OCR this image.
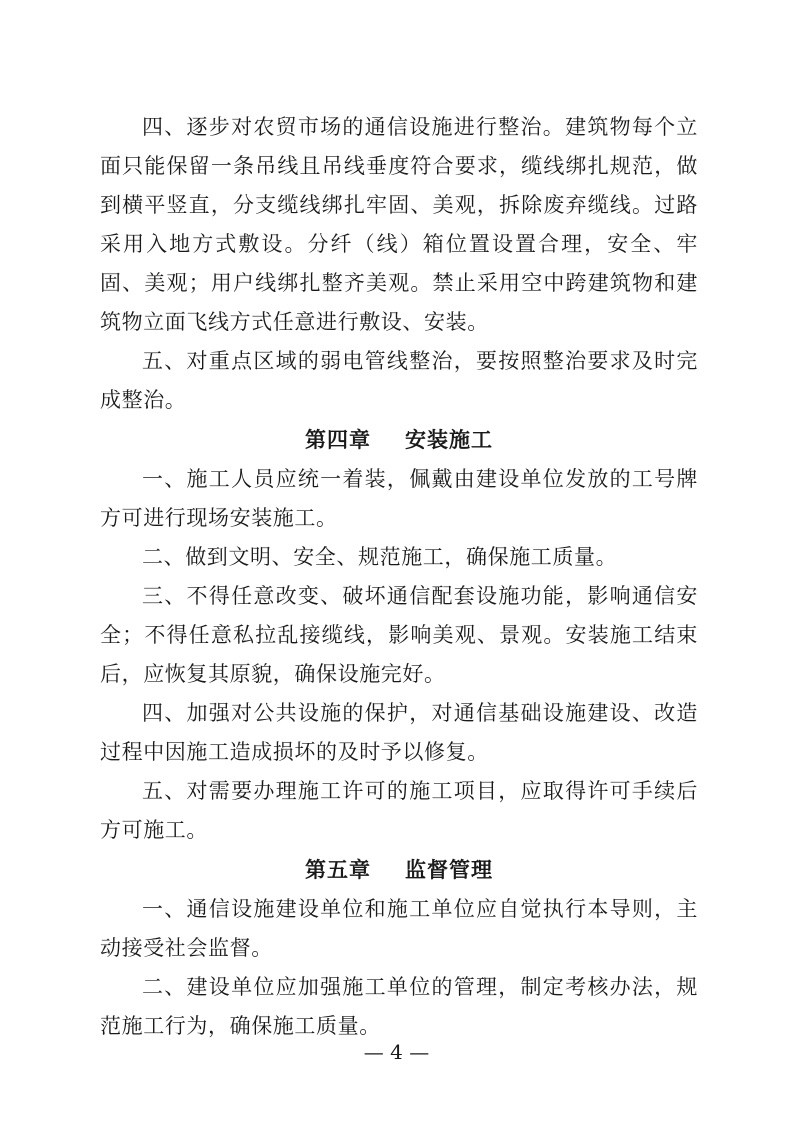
四、逐步对农贸市场的通信设施进行整治。建筑物每个立面只能保留一条吊线且吊线垂度符合要求，缆线绑扎规范，做到横平竖直，分支缆线绑扎牢固、美观，拆除废弃缆线。过路采用入地方式敷设。分纤（线）箱位置设置合理，安全、牢固、美观；用户线绑扎整齐美观。禁止采用空中跨建筑物和建筑物立面飞线方式任意进行敷设、安装。

五、对重点区域的弱电管线整治，要按照整治要求及时完成整治。

第四章 安装施工

一、施工人员应统一着装，佩戴由建设单位发放的工号牌方可进行现场安装施工。

二、做到文明、安全、规范施工，确保施工质量。

三、不得任意改变、破坏通信配套设施功能，影响通信安全；不得任意私拉乱接缆线，影响美观、景观。安装施工结束后，应恢复其原貌，确保设施完好。

四、加强对公共设施的保护，对通信基础设施建设、改造过程中因施工造成损坏的及时予以修复。

五、对需要办理施工许可的施工项目，应取得许可手续后方可施工。

第五章 监督管理

一、通信设施建设单位和施工单位应自觉执行本导则，主动接受社会监督。

二、建设单位应加强施工单位的管理，制定考核办法，规范施工行为，确保施工质量。

— 4 —
